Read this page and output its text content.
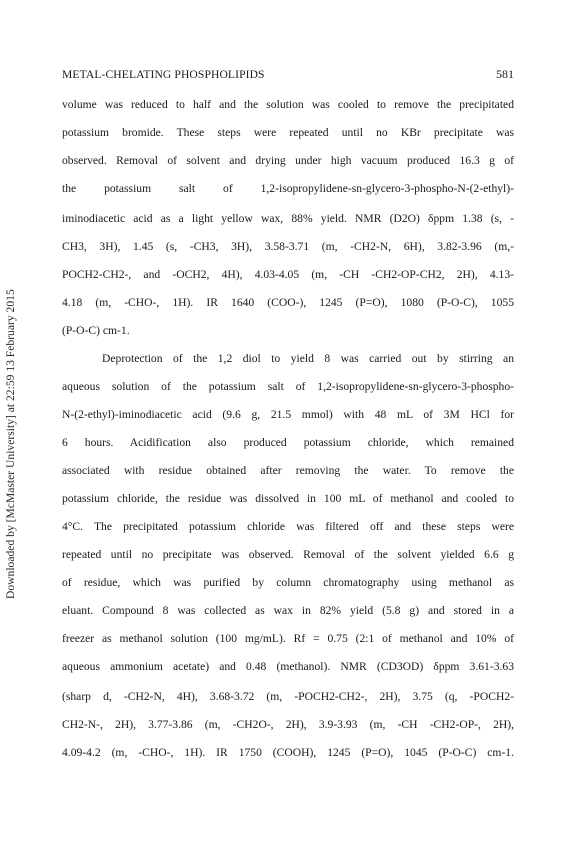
METAL-CHELATING PHOSPHOLIPIDS	581
Downloaded by [McMaster University] at 22:59 13 February 2015
volume was reduced to half and the solution was cooled to remove the precipitated
potassium bromide. These steps were repeated until no KBr precipitate was
observed. Removal of solvent and drying under high vacuum produced 16.3 g of
the potassium salt of 1,2-isopropylidene-sn-glycero-3-phospho-N-(2-ethyl)-
iminodiacetic acid as a light yellow wax, 88% yield. NMR (D2O) δppm 1.38 (s, -
CH3, 3H), 1.45 (s, -CH3, 3H), 3.58-3.71 (m, -CH2-N, 6H), 3.82-3.96 (m,-
POCH2-CH2-, and -OCH2, 4H), 4.03-4.05 (m, -CH -CH2-OP-CH2, 2H), 4.13-
4.18 (m, -CHO-, 1H). IR 1640 (COO-), 1245 (P=O), 1080 (P-O-C), 1055
(P-O-C) cm-1.
Deprotection of the 1,2 diol to yield 8 was carried out by stirring an
aqueous solution of the potassium salt of 1,2-isopropylidene-sn-glycero-3-phospho-
N-(2-ethyl)-iminodiacetic acid (9.6 g, 21.5 mmol) with 48 mL of 3M HCl for
6 hours. Acidification also produced potassium chloride, which remained
associated with residue obtained after removing the water. To remove the
potassium chloride, the residue was dissolved in 100 mL of methanol and cooled to
4°C. The precipitated potassium chloride was filtered off and these steps were
repeated until no precipitate was observed. Removal of the solvent yielded 6.6 g
of residue, which was purified by column chromatography using methanol as
eluant. Compound 8 was collected as wax in 82% yield (5.8 g) and stored in a
freezer as methanol solution (100 mg/mL). Rf = 0.75 (2:1 of methanol and 10% of
aqueous ammonium acetate) and 0.48 (methanol). NMR (CD3OD) δppm 3.61-3.63
(sharp d, -CH2-N, 4H), 3.68-3.72 (m, -POCH2-CH2-, 2H), 3.75 (q, -POCH2-
CH2-N-, 2H), 3.77-3.86 (m, -CH2O-, 2H), 3.9-3.93 (m, -CH -CH2-OP-, 2H),
4.09-4.2 (m, -CHO-, 1H). IR 1750 (COOH), 1245 (P=O), 1045 (P-O-C) cm-1.
